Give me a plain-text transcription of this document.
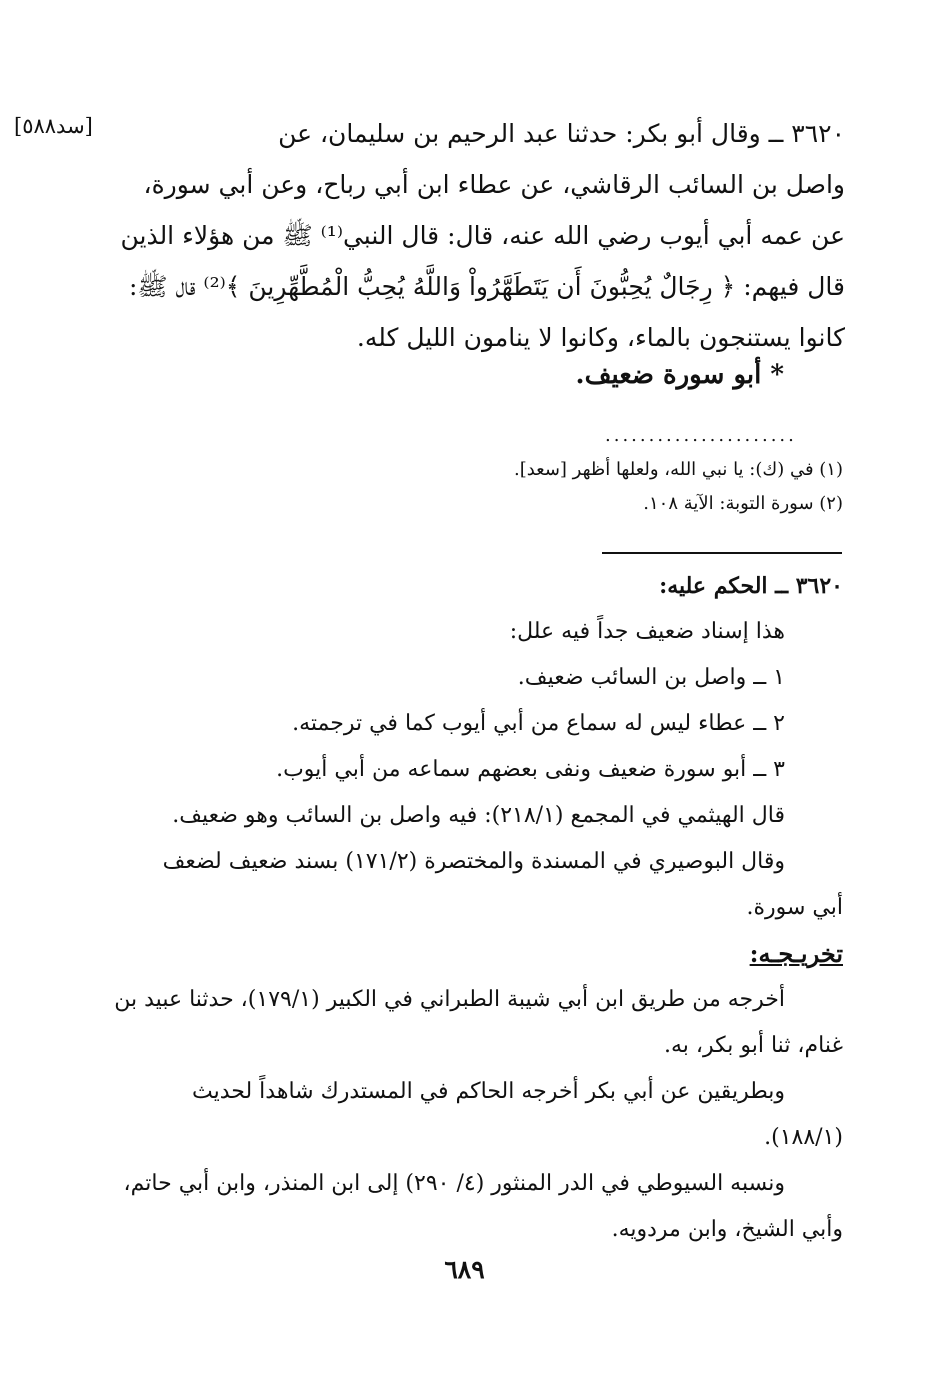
[سد٥٨٨]	٣٦٢٠ ــ وقال أبو بكر: حدثنا عبد الرحيم بن سليمان، عن
واصل بن السائب الرقاشي، عن عطاء ابن أبي رباح، وعن أبي سورة،
عن عمه أبي أيوب رضي الله عنه، قال: قال النبي⁽¹⁾ ﷺ من هؤلاء الذين
قال فيهم: ﴿ رِجَالٌ يُحِبُّونَ أَن يَتَطَهَّرُواْ وَاللَّهُ يُحِبُّ الْمُطَّهِّرِينَ ﴾⁽²⁾ قال ﷺ:
كانوا يستنجون بالماء، وكانوا لا ينامون الليل كله.
* أبو سورة ضعيف.
......................
(١) في (ك): يا نبي الله، ولعلها أظهر [سعد].
(٢) سورة التوبة: الآية ١٠٨.
٣٦٢٠ ــ الحكم عليه:
هذا إسناد ضعيف جداً فيه علل:
١ ــ واصل بن السائب ضعيف.
٢ ــ عطاء ليس له سماع من أبي أيوب كما في ترجمته.
٣ ــ أبو سورة ضعيف ونفى بعضهم سماعه من أبي أيوب.
قال الهيثمي في المجمع (٢١٨/١): فيه واصل بن السائب وهو ضعيف.
وقال البوصيري في المسندة والمختصرة (١٧١/٢) بسند ضعيف لضعف
أبي سورة.
تخريـجـه:
أخرجه من طريق ابن أبي شيبة الطبراني في الكبير (١٧٩/١)، حدثنا عبيد بن
غنام، ثنا أبو بكر، به.
وبطريقين عن أبي بكر أخرجه الحاكم في المستدرك شاهداً لحديث
(١٨٨/١).
ونسبه السيوطي في الدر المنثور (٤/ ٢٩٠) إلى ابن المنذر، وابن أبي حاتم،
وأبي الشيخ، وابن مردويه.
٦٨٩
